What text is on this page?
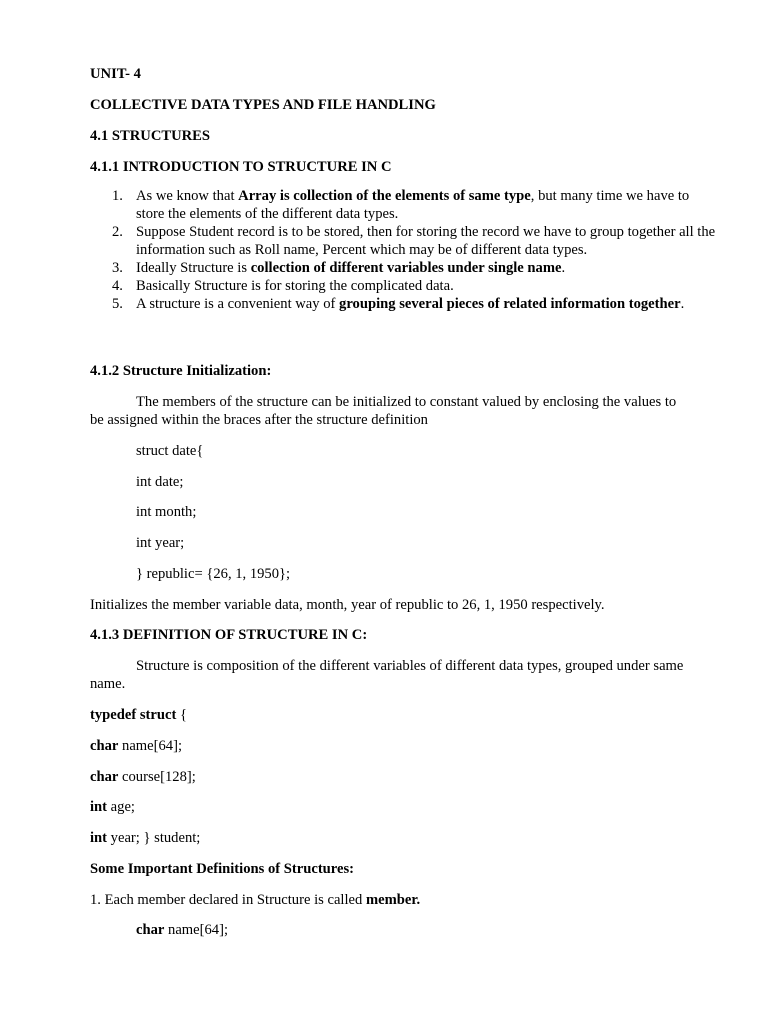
UNIT- 4
COLLECTIVE DATA TYPES AND FILE HANDLING
4.1 STRUCTURES
4.1.1 INTRODUCTION TO STRUCTURE IN C
1. As we know that Array is collection of the elements of same type, but many time we have to store the elements of the different data types.
2. Suppose Student record is to be stored, then for storing the record we have to group together all the information such as Roll name, Percent which may be of different data types.
3. Ideally Structure is collection of different variables under single name.
4. Basically Structure is for storing the complicated data.
5. A structure is a convenient way of grouping several pieces of related information together.
4.1.2 Structure Initialization:
The members of the structure can be initialized to constant valued by enclosing the values to be assigned within the braces after the structure definition
struct date{
int date;
int month;
int year;
} republic= {26, 1, 1950};
Initializes the member variable data, month, year of republic to 26, 1, 1950 respectively.
4.1.3 DEFINITION OF STRUCTURE IN C:
Structure is composition of the different variables of different data types, grouped under same name.
typedef struct {
char name[64];
char course[128];
int age;
int year; } student;
Some Important Definitions of Structures:
1. Each member declared in Structure is called member.
char name[64];
